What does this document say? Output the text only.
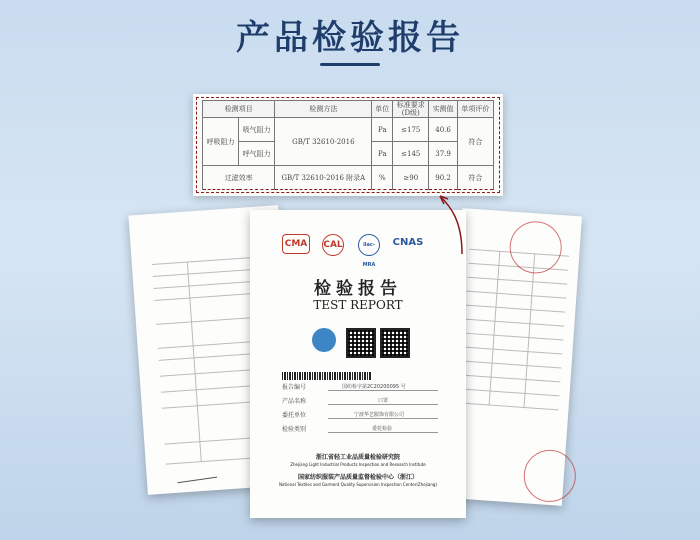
产品检验报告
检测项目		检测方法	单位	标准要求
(D级)	实测值	单项评价
呼吸阻力	吸气阻力	GB/T 32610-2016	Pa	≤175	40.6	符合
	呼气阻力		Pa	≤145	37.9	
过滤效率		GB/T 32610-2016 附录A	%	≥90	90.2	符合
CMA	CAL	ilac-MRA
CNAS
检验报告
TEST REPORT
报告编号	国纺检字第2C20200095 号
产品名称	口罩
委托单位	宁波华艺服饰有限公司
检验类别	委托检验
浙江省轻工业品质量检验研究院
Zhejiang Light Industrial Products Inspection and Research Institute
国家纺织服装产品质量监督检验中心（浙江）
National Textiles and Garment Quality Supervision Inspection Center(Zhejiang)
